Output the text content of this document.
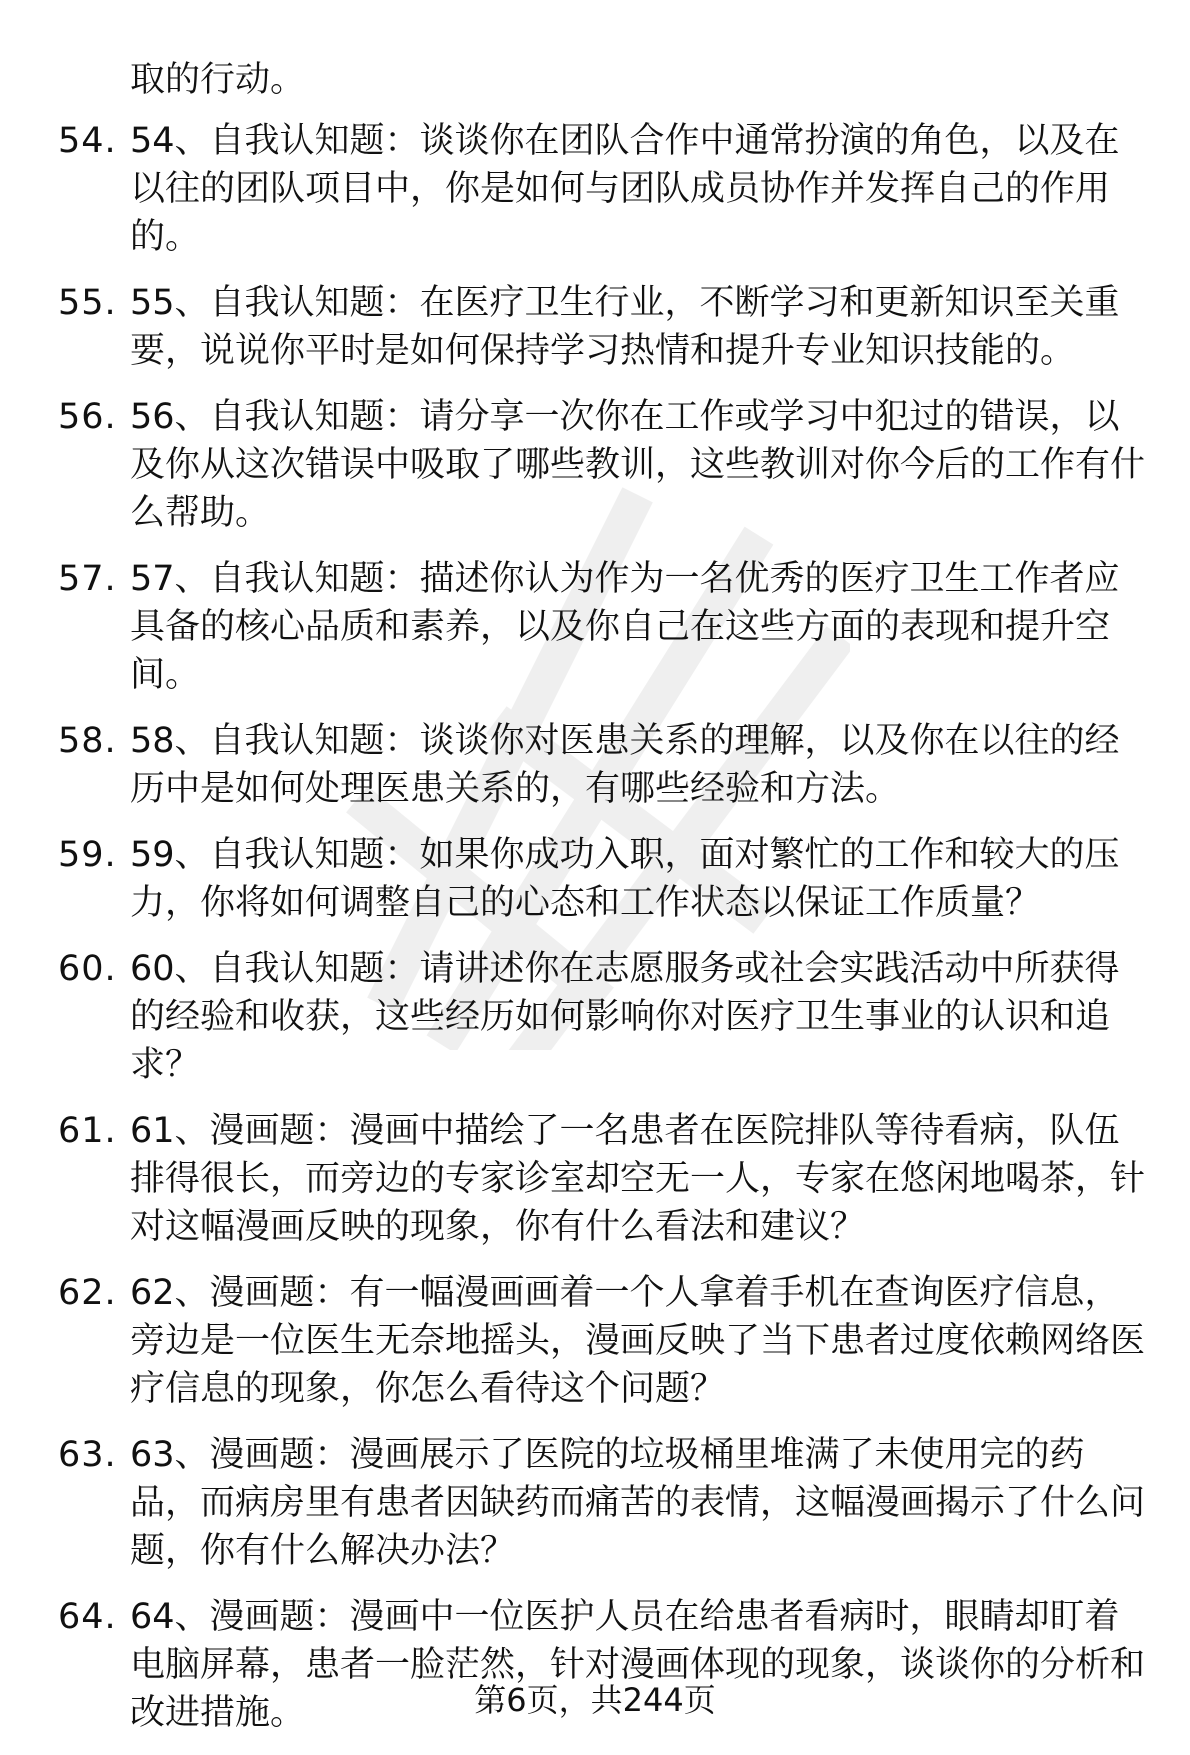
取的行动。

54. 54、自我认知题：谈谈你在团队合作中通常扮演的角色，以及在以往的团队项目中，你是如何与团队成员协作并发挥自己的作用的。
55. 55、自我认知题：在医疗卫生行业，不断学习和更新知识至关重要，说说你平时是如何保持学习热情和提升专业知识技能的。
56. 56、自我认知题：请分享一次你在工作或学习中犯过的错误，以及你从这次错误中吸取了哪些教训，这些教训对你今后的工作有什么帮助。
57. 57、自我认知题：描述你认为作为一名优秀的医疗卫生工作者应具备的核心品质和素养，以及你自己在这些方面的表现和提升空间。
58. 58、自我认知题：谈谈你对医患关系的理解，以及你在以往的经历中是如何处理医患关系的，有哪些经验和方法。
59. 59、自我认知题：如果你成功入职，面对繁忙的工作和较大的压力，你将如何调整自己的心态和工作状态以保证工作质量？
60. 60、自我认知题：请讲述你在志愿服务或社会实践活动中所获得的经验和收获，这些经历如何影响你对医疗卫生事业的认识和追求？
61. 61、漫画题：漫画中描绘了一名患者在医院排队等待看病，队伍排得很长，而旁边的专家诊室却空无一人，专家在悠闲地喝茶，针对这幅漫画反映的现象，你有什么看法和建议？
62. 62、漫画题：有一幅漫画画着一个人拿着手机在查询医疗信息，旁边是一位医生无奈地摇头，漫画反映了当下患者过度依赖网络医疗信息的现象，你怎么看待这个问题？
63. 63、漫画题：漫画展示了医院的垃圾桶里堆满了未使用完的药品，而病房里有患者因缺药而痛苦的表情，这幅漫画揭示了什么问题，你有什么解决办法？
64. 64、漫画题：漫画中一位医护人员在给患者看病时，眼睛却盯着电脑屏幕，患者一脸茫然，针对漫画体现的现象，谈谈你的分析和改进措施。	第6页，共244页
